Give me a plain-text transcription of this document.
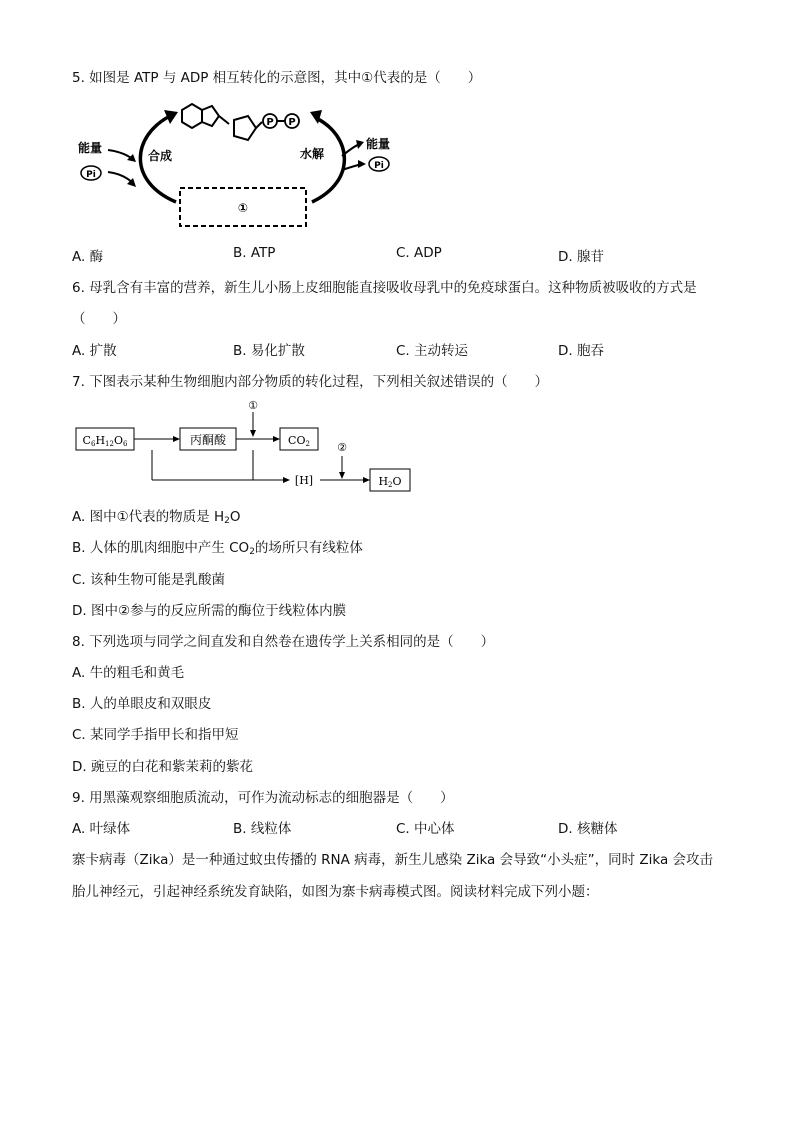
5. 如图是 ATP 与 ADP 相互转化的示意图，其中①代表的是（　　）
P P
能量
Pi
合成	水解
能量
Pi
①
A. 酶	B. ATP	C. ADP	D. 腺苷
6. 母乳含有丰富的营养，新生儿小肠上皮细胞能直接吸收母乳中的免疫球蛋白。这种物质被吸收的方式是
（　　）
A. 扩散	B. 易化扩散	C. 主动转运	D. 胞吞
7. 下图表示某种生物细胞内部分物质的转化过程，下列相关叙述错误的（　　）
C6H12O6	丙酮酸
①
CO2
[H]
②
H2O
A. 图中①代表的物质是 $H_2O$
B. 人体的肌肉细胞中产生 $CO_2$的场所只有线粒体
C. 该种生物可能是乳酸菌
D. 图中②参与的反应所需的酶位于线粒体内膜
8. 下列选项与同学之间直发和自然卷在遗传学上关系相同的是（　　）
A. 牛的粗毛和黄毛
B. 人的单眼皮和双眼皮
C. 某同学手指甲长和指甲短
D. 豌豆的白花和紫茉莉的紫花
9. 用黑藻观察细胞质流动，可作为流动标志的细胞器是（　　）
A. 叶绿体	B. 线粒体	C. 中心体	D. 核糖体
寨卡病毒（Zika）是一种通过蚊虫传播的 RNA 病毒，新生儿感染 Zika 会导致“小头症”，同时 Zika 会攻击
胎儿神经元，引起神经系统发育缺陷，如图为寨卡病毒模式图。阅读材料完成下列小题：
